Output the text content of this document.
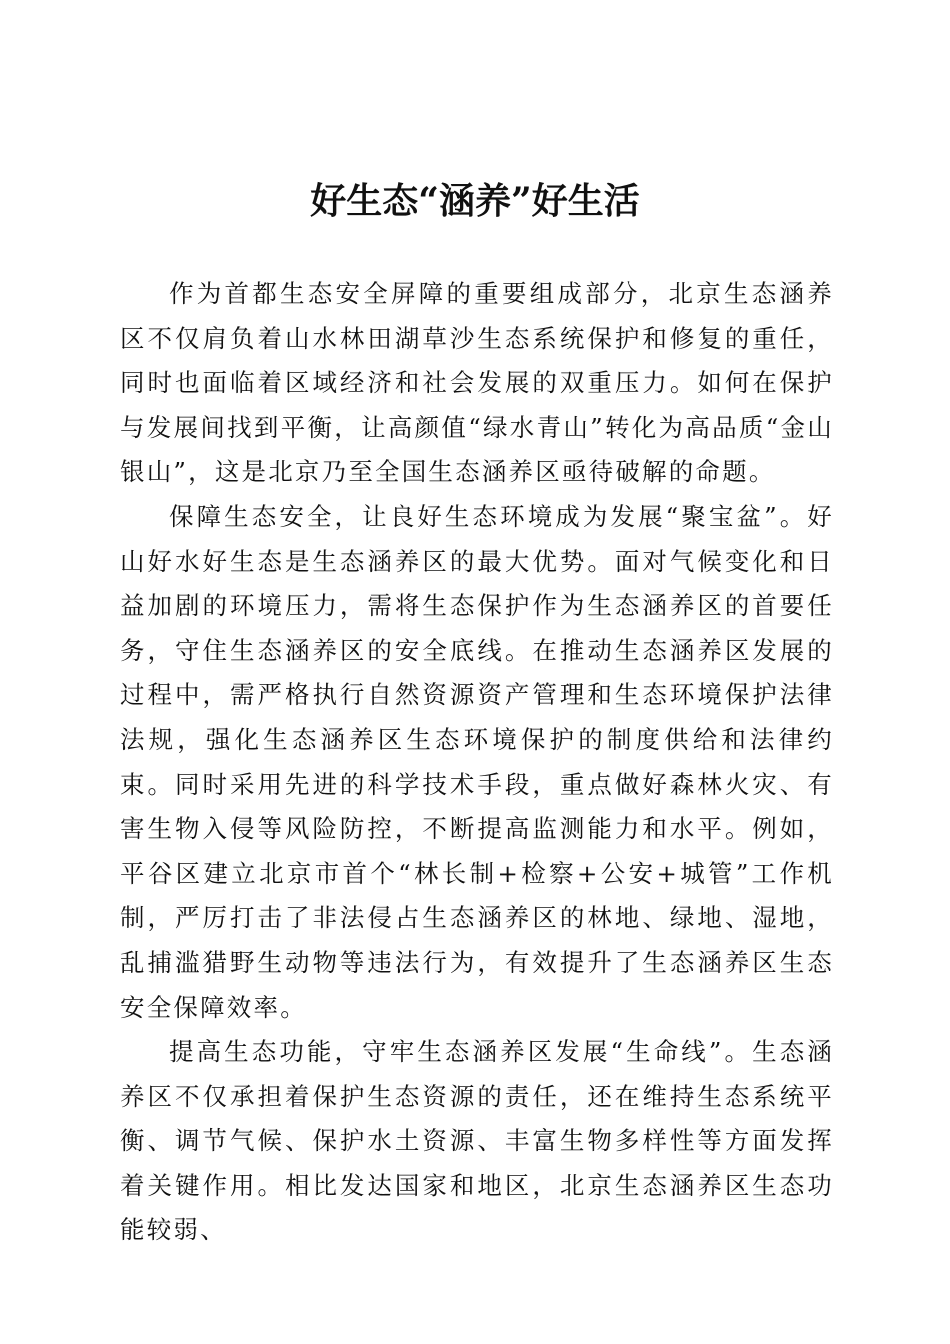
好生态“涵养”好生活

作为首都生态安全屏障的重要组成部分，北京生态涵养区不仅肩负着山水林田湖草沙生态系统保护和修复的重任，同时也面临着区域经济和社会发展的双重压力。如何在保护与发展间找到平衡，让高颜值“绿水青山”转化为高品质“金山银山”，这是北京乃至全国生态涵养区亟待破解的命题。

保障生态安全，让良好生态环境成为发展“聚宝盆”。好山好水好生态是生态涵养区的最大优势。面对气候变化和日益加剧的环境压力，需将生态保护作为生态涵养区的首要任务，守住生态涵养区的安全底线。在推动生态涵养区发展的过程中，需严格执行自然资源资产管理和生态环境保护法律法规，强化生态涵养区生态环境保护的制度供给和法律约束。同时采用先进的科学技术手段，重点做好森林火灾、有害生物入侵等风险防控，不断提高监测能力和水平。例如，平谷区建立北京市首个“林长制+检察+公安+城管”工作机制，严厉打击了非法侵占生态涵养区的林地、绿地、湿地，乱捕滥猎野生动物等违法行为，有效提升了生态涵养区生态安全保障效率。

提高生态功能，守牢生态涵养区发展“生命线”。生态涵养区不仅承担着保护生态资源的责任，还在维持生态系统平衡、调节气候、保护水土资源、丰富生物多样性等方面发挥着关键作用。相比发达国家和地区，北京生态涵养区生态功能较弱、
